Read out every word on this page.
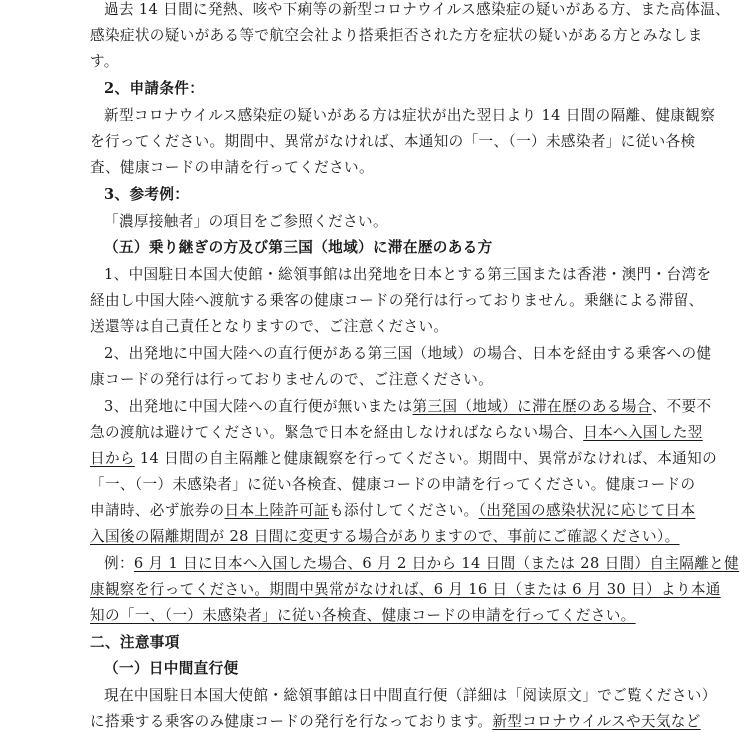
過去 14 日間に発熱、咳や下痢等の新型コロナウイルス感染症の疑いがある方、また高体温、
感染症状の疑いがある等で航空会社より搭乗拒否された方を症状の疑いがある方とみなしま
す。
2、申請条件：
新型コロナウイルス感染症の疑いがある方は症状が出た翌日より 14 日間の隔離、健康観察
を行ってください。期間中、異常がなければ、本通知の「一、（一）未感染者」に従い各検
査、健康コードの申請を行ってください。
3、参考例：
「濃厚接触者」の項目をご参照ください。
（五）乗り継ぎの方及び第三国（地域）に滞在歴のある方
1、中国駐日本国大使館・総領事館は出発地を日本とする第三国または香港・澳門・台湾を
経由し中国大陸へ渡航する乗客の健康コードの発行は行っておりません。乗継による滞留、
送還等は自己責任となりますので、ご注意ください。
2、出発地に中国大陸への直行便がある第三国（地域）の場合、日本を経由する乗客への健
康コードの発行は行っておりませんので、ご注意ください。
3、出発地に中国大陸への直行便が無いまたは第三国（地域）に滞在歴のある場合、不要不
急の渡航は避けてください。緊急で日本を経由しなければならない場合、日本へ入国した翌
日から 14 日間の自主隔離と健康観察を行ってください。期間中、異常がなければ、本通知の
「一、（一）未感染者」に従い各検査、健康コードの申請を行ってください。健康コードの
申請時、必ず旅券の日本上陸許可証も添付してください。（出発国の感染状況に応じて日本
入国後の隔離期間が 28 日間に変更する場合がありますので、事前にご確認ください）。
例：6 月 1 日に日本へ入国した場合、6 月 2 日から 14 日間（または 28 日間）自主隔離と健
康観察を行ってください。期間中異常がなければ、6 月 16 日（または 6 月 30 日）より本通
知の「一、（一）未感染者」に従い各検査、健康コードの申請を行ってください。
二、注意事項
（一）日中間直行便
現在中国駐日本国大使館・総領事館は日中間直行便（詳細は「阅读原文」でご覧ください）
に搭乗する乗客のみ健康コードの発行を行なっております。新型コロナウイルスや天気など
